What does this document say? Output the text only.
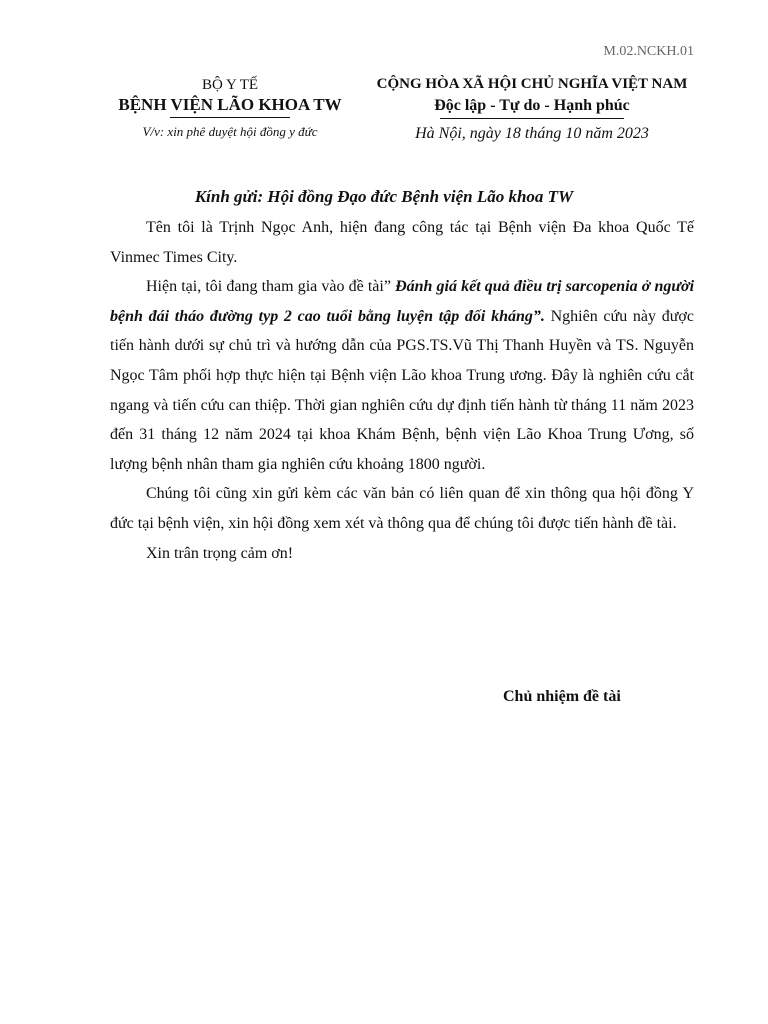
M.02.NCKH.01
BỘ Y TẾ
BỆNH VIỆN LÃO KHOA TW
V/v: xin phê duyệt hội đồng y đức
CỘNG HÒA XÃ HỘI CHỦ NGHĨA VIỆT NAM
Độc lập - Tự do - Hạnh phúc
Hà Nội, ngày 18 tháng 10 năm 2023
Kính gửi: Hội đồng Đạo đức Bệnh viện Lão khoa TW

Tên tôi là Trịnh Ngọc Anh, hiện đang công tác tại Bệnh viện Đa khoa Quốc Tế Vinmec Times City.

Hiện tại, tôi đang tham gia vào đề tài” Đánh giá kết quả điều trị sarcopenia ở người bệnh đái tháo đường typ 2 cao tuổi bằng luyện tập đối kháng”. Nghiên cứu này được tiến hành dưới sự chủ trì và hướng dẫn của PGS.TS.Vũ Thị Thanh Huyền và TS. Nguyễn Ngọc Tâm phối hợp thực hiện tại Bệnh viện Lão khoa Trung ương. Đây là nghiên cứu cắt ngang và tiến cứu can thiệp. Thời gian nghiên cứu dự định tiến hành từ tháng 11 năm 2023 đến 31 tháng 12 năm 2024 tại khoa Khám Bệnh, bệnh viện Lão Khoa Trung Ương, số lượng bệnh nhân tham gia nghiên cứu khoảng 1800 người.

Chúng tôi cũng xin gửi kèm các văn bản có liên quan để xin thông qua hội đồng Y đức tại bệnh viện, xin hội đồng xem xét và thông qua để chúng tôi được tiến hành đề tài.

Xin trân trọng cảm ơn!

Chủ nhiệm đề tài
